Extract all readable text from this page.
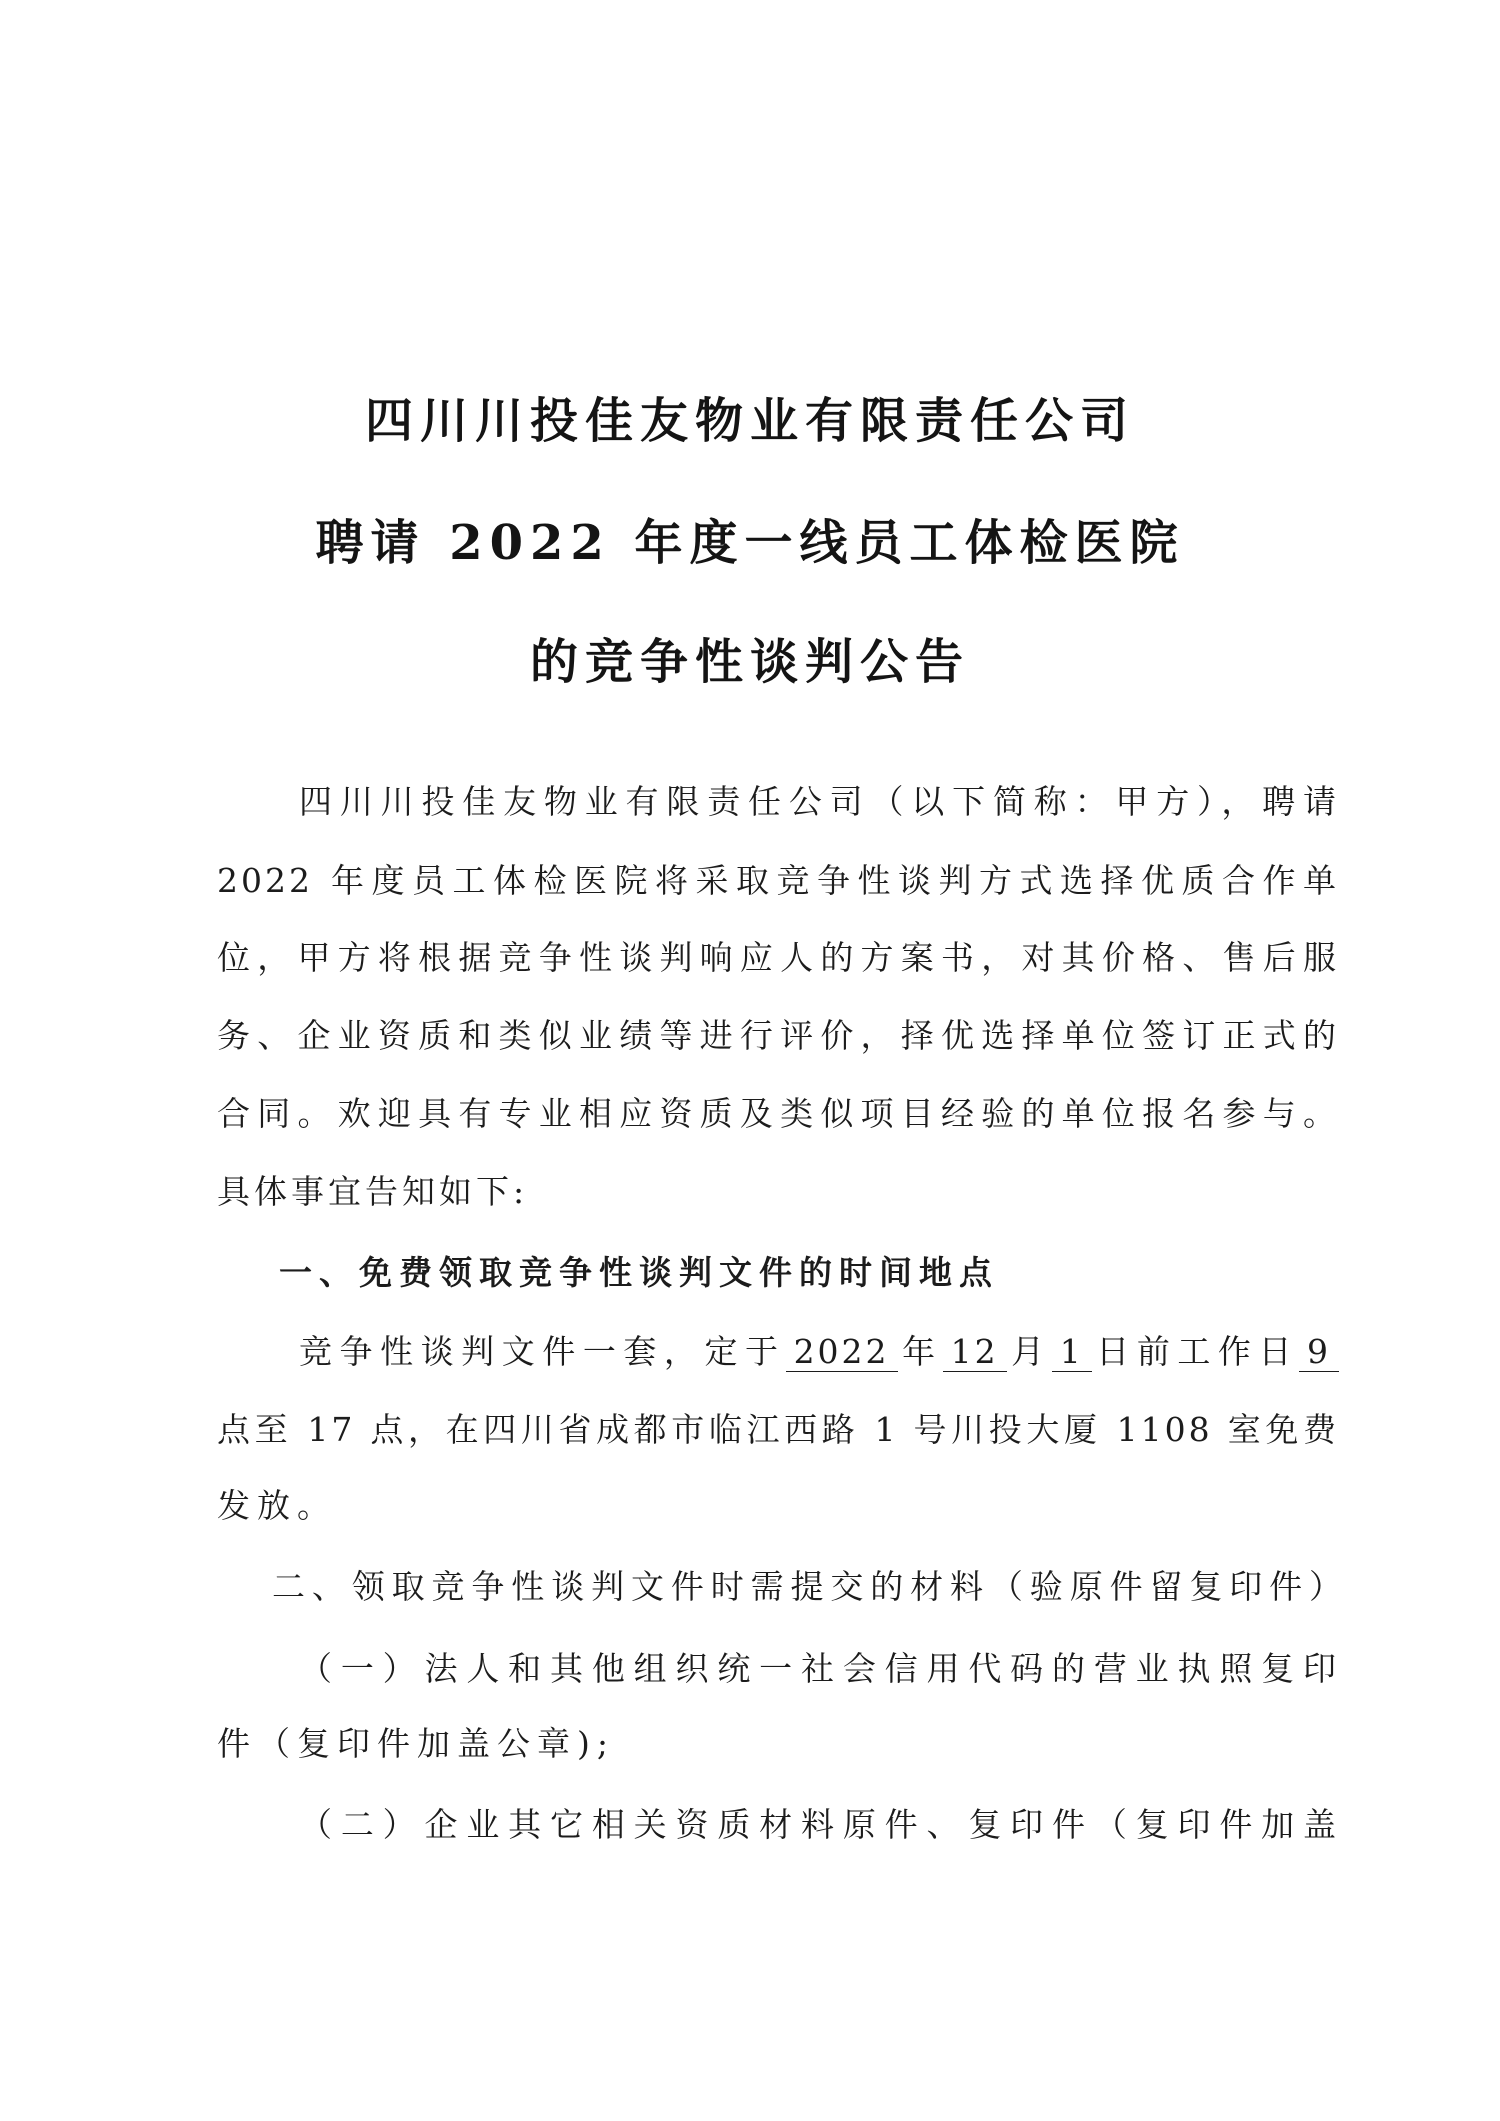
四川川投佳友物业有限责任公司
聘请 2022 年度一线员工体检医院
的竞争性谈判公告
四川川投佳友物业有限责任公司（以下简称：甲方），聘请
2022 年度员工体检医院将采取竞争性谈判方式选择优质合作单
位，甲方将根据竞争性谈判响应人的方案书，对其价格、售后服
务、企业资质和类似业绩等进行评价，择优选择单位签订正式的
合同。欢迎具有专业相应资质及类似项目经验的单位报名参与。
具体事宜告知如下:
一、免费领取竞争性谈判文件的时间地点
竞争性谈判文件一套，定于 2022 年 12 月 1 日前工作日 9
点至 17 点，在四川省成都市临江西路 1 号川投大厦 1108 室免费
发放。
二、领取竞争性谈判文件时需提交的材料（验原件留复印件）
（一）法人和其他组织统一社会信用代码的营业执照复印
件（复印件加盖公章);
（二）企业其它相关资质材料原件、复印件（复印件加盖
